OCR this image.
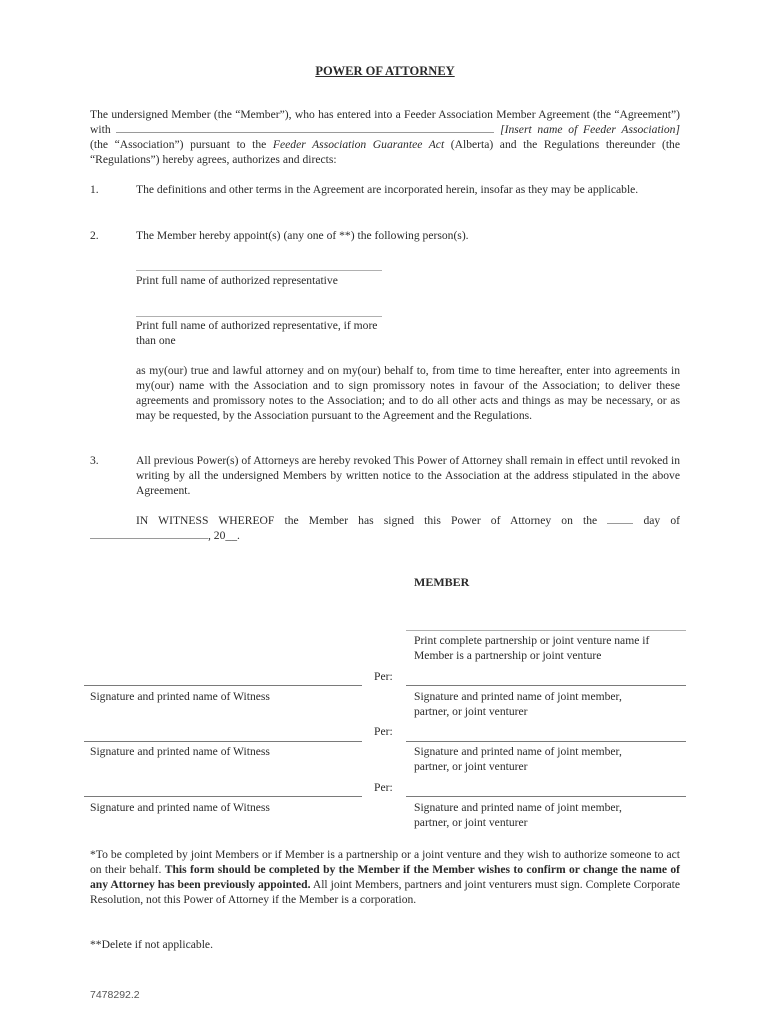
POWER OF ATTORNEY
The undersigned Member (the “Member”), who has entered into a Feeder Association Member Agreement (the “Agreement”) with	[Insert name of Feeder Association] (the “Association”) pursuant to the Feeder Association Guarantee Act (Alberta) and the Regulations thereunder (the “Regulations”) hereby agrees, authorizes and directs:
1.	The definitions and other terms in the Agreement are incorporated herein, insofar as they may be applicable.
2.	The Member hereby appoint(s) (any one of **) the following person(s).
Print full name of authorized representative
Print full name of authorized representative, if more than one
as my(our) true and lawful attorney and on my(our) behalf to, from time to time hereafter, enter into agreements in my(our) name with the Association and to sign promissory notes in favour of the Association; to deliver these agreements and promissory notes to the Association; and to do all other acts and things as may be necessary, or as may be requested, by the Association pursuant to the Agreement and the Regulations.
3.	All previous Power(s) of Attorneys are hereby revoked This Power of Attorney shall remain in effect until revoked in writing by all the undersigned Members by written notice to the Association at the address stipulated in the above Agreement.
IN WITNESS WHEREOF the Member has signed this Power of Attorney on the	day of
, 20__.
MEMBER
Print complete partnership or joint venture name if Member is a partnership or joint venture
Per:
Signature and printed name of Witness	Signature and printed name of joint member, partner, or joint venturer
Per:
Signature and printed name of Witness	Signature and printed name of joint member, partner, or joint venturer
Per:
Signature and printed name of Witness	Signature and printed name of joint member, partner, or joint venturer
*To be completed by joint Members or if Member is a partnership or a joint venture and they wish to authorize someone to act on their behalf. This form should be completed by the Member if the Member wishes to confirm or change the name of any Attorney has been previously appointed. All joint Members, partners and joint venturers must sign. Complete Corporate Resolution, not this Power of Attorney if the Member is a corporation.
**Delete if not applicable.
7478292.2
